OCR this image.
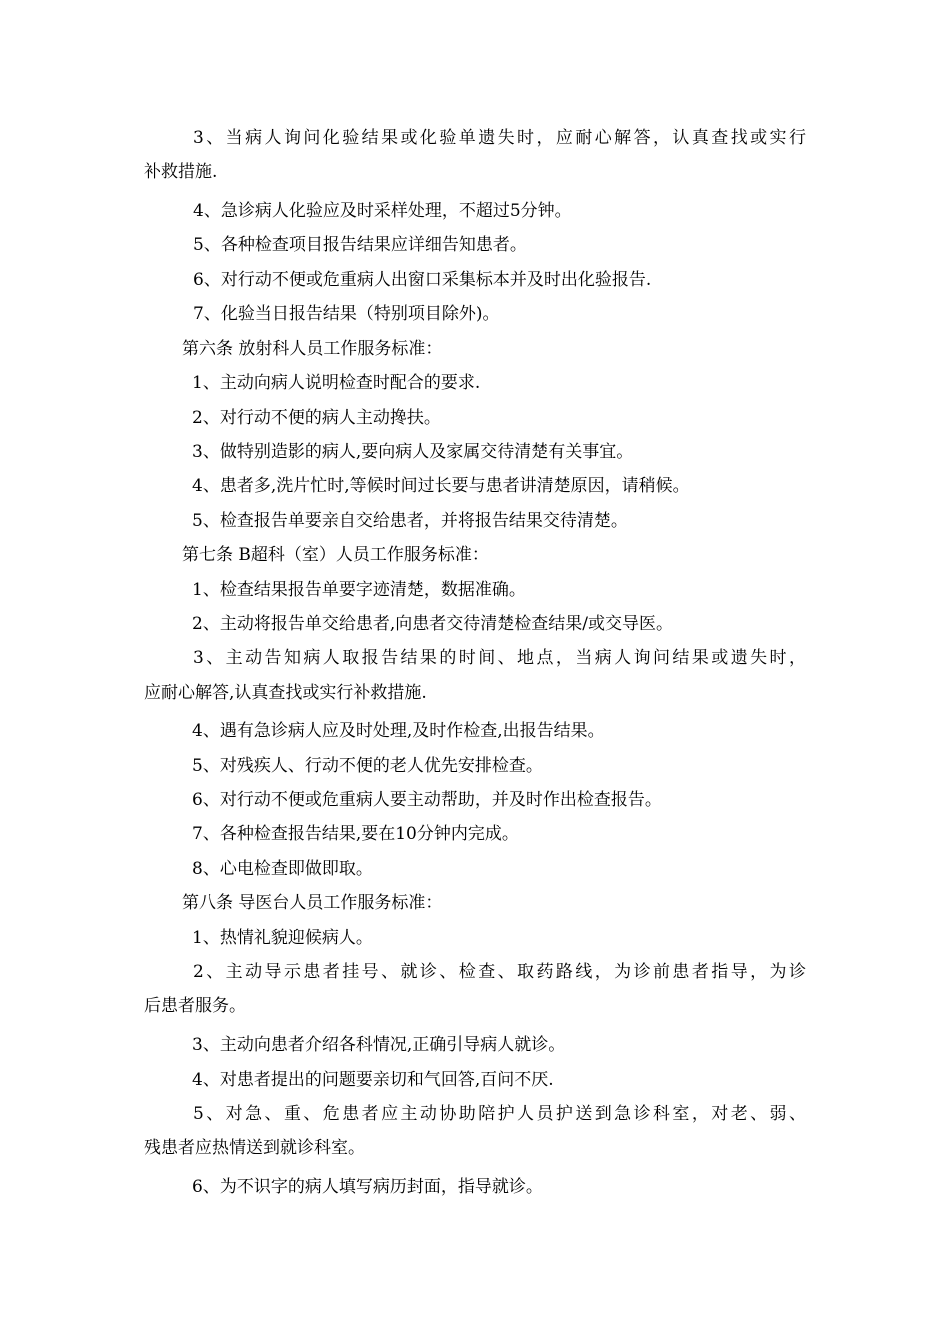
3、当病人询问化验结果或化验单遗失时，应耐心解答，认真查找或实行
补救措施.
4、急诊病人化验应及时采样处理，不超过5分钟。
5、各种检查项目报告结果应详细告知患者。
6、对行动不便或危重病人出窗口采集标本并及时出化验报告.
7、化验当日报告结果（特别项目除外)。
第六条 放射科人员工作服务标准：
1、主动向病人说明检查时配合的要求.
2、对行动不便的病人主动搀扶。
3、做特别造影的病人,要向病人及家属交待清楚有关事宜。
4、患者多,洗片忙时,等候时间过长要与患者讲清楚原因，请稍候。
5、检查报告单要亲自交给患者，并将报告结果交待清楚。
第七条 B超科（室）人员工作服务标准：
1、检查结果报告单要字迹清楚，数据准确。
2、主动将报告单交给患者,向患者交待清楚检查结果/或交导医。
3、主动告知病人取报告结果的时间、地点，当病人询问结果或遗失时，
应耐心解答,认真查找或实行补救措施.
4、遇有急诊病人应及时处理,及时作检查,出报告结果。
5、对残疾人、行动不便的老人优先安排检查。
6、对行动不便或危重病人要主动帮助，并及时作出检查报告。
7、各种检查报告结果,要在10分钟内完成。
8、心电检查即做即取。
第八条 导医台人员工作服务标准：
1、热情礼貌迎候病人。
2、主动导示患者挂号、就诊、检查、取药路线，为诊前患者指导，为诊
后患者服务。
3、主动向患者介绍各科情况,正确引导病人就诊。
4、对患者提出的问题要亲切和气回答,百问不厌.
5、对急、重、危患者应主动协助陪护人员护送到急诊科室，对老、弱、
残患者应热情送到就诊科室。
6、为不识字的病人填写病历封面，指导就诊。
